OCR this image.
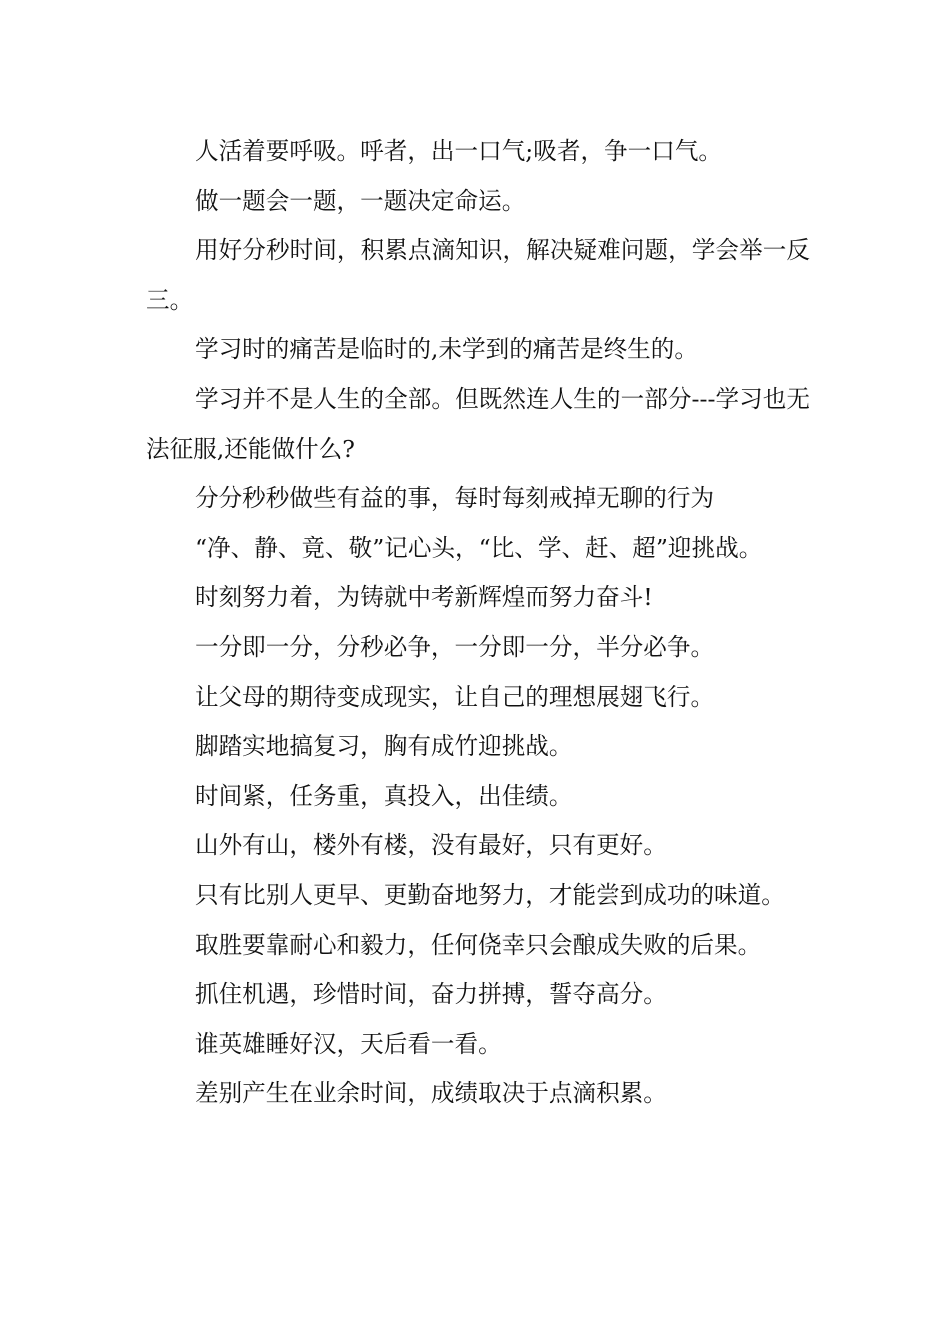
人活着要呼吸。呼者，出一口气;吸者，争一口气。

做一题会一题，一题决定命运。

用好分秒时间，积累点滴知识，解决疑难问题，学会举一反三。

学习时的痛苦是临时的,未学到的痛苦是终生的。

学习并不是人生的全部。但既然连人生的一部分---学习也无法征服,还能做什么?

分分秒秒做些有益的事，每时每刻戒掉无聊的行为

“净、静、竟、敬”记心头，“比、学、赶、超”迎挑战。

时刻努力着，为铸就中考新辉煌而努力奋斗!

一分即一分，分秒必争，一分即一分，半分必争。

让父母的期待变成现实，让自己的理想展翅飞行。

脚踏实地搞复习，胸有成竹迎挑战。

时间紧，任务重，真投入，出佳绩。

山外有山，楼外有楼，没有最好，只有更好。

只有比别人更早、更勤奋地努力，才能尝到成功的味道。

取胜要靠耐心和毅力，任何侥幸只会酿成失败的后果。

抓住机遇，珍惜时间，奋力拼搏，誓夺高分。

谁英雄睡好汉，天后看一看。

差别产生在业余时间，成绩取决于点滴积累。
